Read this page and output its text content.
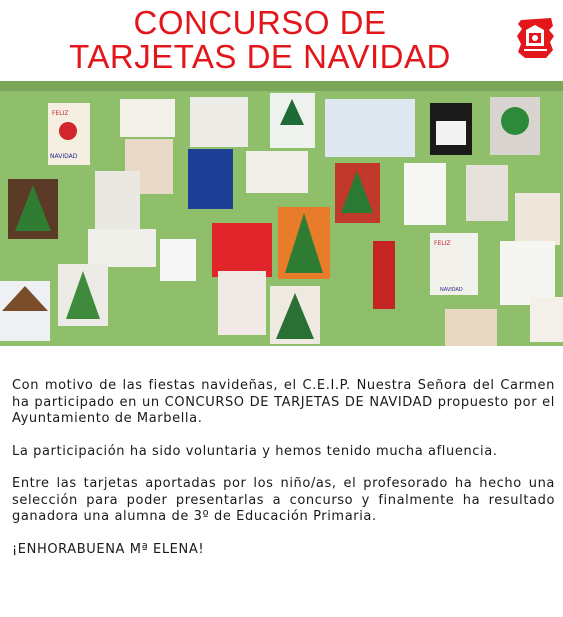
CONCURSO DE
TARJETAS DE NAVIDAD
FELIZ
NAVIDAD
FELIZ
NAVIDAD

Con motivo de las fiestas navideñas, el C.E.I.P. Nuestra Señora del Carmen ha participado en un CONCURSO DE TARJETAS DE NAVIDAD propuesto por el Ayuntamiento de Marbella.

La participación ha sido voluntaria y hemos tenido mucha afluencia.

Entre las tarjetas aportadas por los niño/as, el profesorado ha hecho una selección para poder presentarlas a concurso y finalmente ha resultado ganadora una alumna de 3º de Educación Primaria.

¡ENHORABUENA Mª ELENA!
